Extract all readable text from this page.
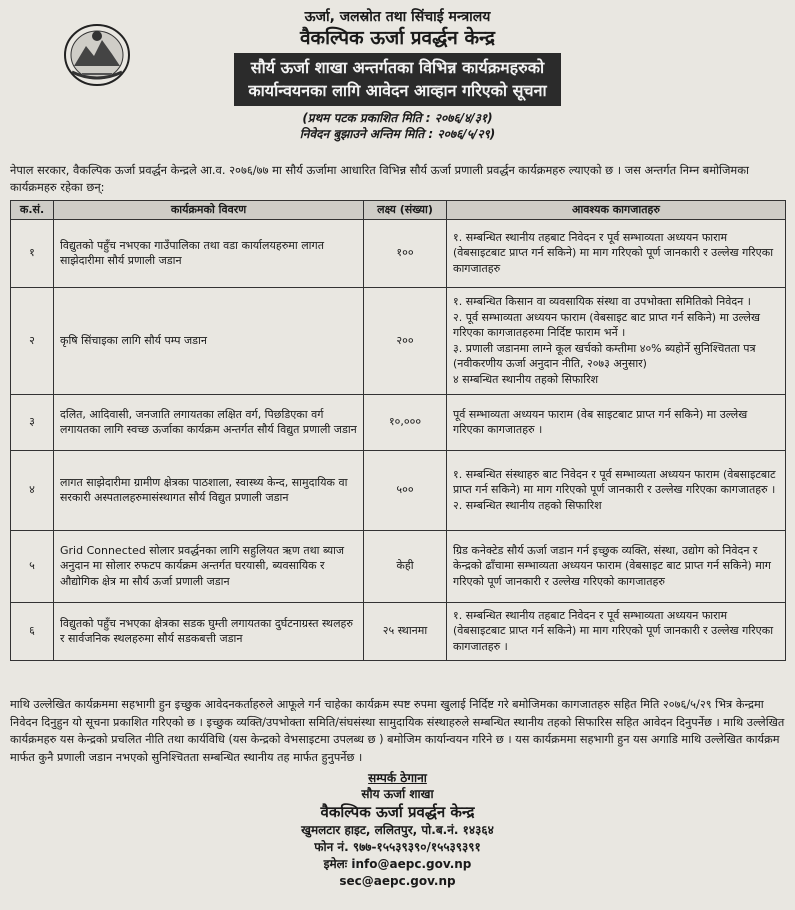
ऊर्जा, जलस्रोत तथा सिंचाई मन्त्रालय
वैकल्पिक ऊर्जा प्रवर्द्धन केन्द्र
सौर्य ऊर्जा शाखा अन्तर्गतका विभिन्न कार्यक्रमहरुको
कार्यान्वयनका लागि आवेदन आव्हान गरिएको सूचना
(प्रथम पटक प्रकाशित मिति : २०७६/४/३१)
निवेदन बुझाउने अन्तिम मिति : २०७६/५/२९)
नेपाल सरकार, वैकल्पिक ऊर्जा प्रवर्द्धन केन्द्रले आ.व. २०७६/७७ मा सौर्य ऊर्जामा आधारित विभिन्न सौर्य ऊर्जा प्रणाली प्रवर्द्धन कार्यक्रमहरु ल्याएको छ । जस अन्तर्गत निम्न बमोजिमका कार्यक्रमहरु रहेका छन्:
क.सं.	कार्यक्रमको विवरण	लक्ष्य (संख्या)	आवश्यक कागजातहरु
१	विद्युतको पहुँच नभएका गाउँपालिका तथा वडा कार्यालयहरुमा लागत साझेदारीमा सौर्य प्रणाली जडान	१००	१. सम्बन्धित स्थानीय तहबाट निवेदन र पूर्व सम्भाव्यता अध्ययन फाराम (वेबसाइटबाट प्राप्त गर्न सकिने) मा माग गरिएको पूर्ण जानकारी र उल्लेख गरिएका कागजातहरु

२	कृषि सिंचाइका लागि सौर्य पम्प जडान	२००	१. सम्बन्धित किसान वा व्यवसायिक संस्था वा उपभोक्ता समितिको निवेदन ।
२. पूर्व सम्भाव्यता अध्ययन फाराम (वेबसाइट बाट प्राप्त गर्न सकिने) मा उल्लेख गरिएका कागजातहरुमा निर्दिष्ट फाराम भर्ने ।
३. प्रणाली जडानमा लाग्ने कूल खर्चको कम्तीमा ४०% ब्यहोर्ने सुनिश्चितता पत्र (नवीकरणीय ऊर्जा अनुदान नीति, २०७३ अनुसार)
४ सम्बन्धित स्थानीय तहको सिफारिश

३	दलित, आदिवासी, जनजाति लगायतका लक्षित वर्ग, पिछडिएका वर्ग लगायतका लागि स्वच्छ ऊर्जाका कार्यक्रम अन्तर्गत सौर्य विद्युत प्रणाली जडान	१०,०००	पूर्व सम्भाव्यता अध्ययन फाराम (वेब साइटबाट प्राप्त गर्न सकिने) मा उल्लेख गरिएका कागजातहरु ।

४	लागत साझेदारीमा ग्रामीण क्षेत्रका पाठशाला, स्वास्थ्य केन्द, सामुदायिक वा सरकारी अस्पतालहरुमासंस्थागत सौर्य विद्युत प्रणाली जडान	५००	१. सम्बन्धित संस्थाहरु बाट निवेदन र पूर्व सम्भाव्यता अध्ययन फाराम (वेबसाइटबाट प्राप्त गर्न सकिने) मा माग गरिएको पूर्ण जानकारी र उल्लेख गरिएका कागजातहरु ।
२. सम्बन्धित स्थानीय तहको सिफारिश

५	Grid Connected सोलार प्रवर्द्धनका लागि सहुलियत ऋण तथा ब्याज अनुदान मा सोलार रुफटप कार्यक्रम अन्तर्गत घरयासी, ब्यवसायिक र औद्योगिक क्षेत्र मा सौर्य ऊर्जा प्रणाली जडान	केही	ग्रिड कनेक्टेड सौर्य ऊर्जा जडान गर्न इच्छुक व्यक्ति, संस्था, उद्योग को निवेदन र केन्द्रको ढाँचामा सम्भाव्यता अध्ययन फाराम (वेबसाइट बाट प्राप्त गर्न सकिने) माग गरिएको पूर्ण जानकारी र उल्लेख गरिएको कागजातहरु

६	विद्युतको पहुँच नभएका क्षेत्रका सडक घुम्ती लगायतका दुर्घटनाग्रस्त स्थलहरु र सार्वजनिक स्थलहरुमा सौर्य सडकबत्ती जडान	२५ स्थानमा	१. सम्बन्धित स्थानीय तहबाट निवेदन र पूर्व सम्भाव्यता अध्ययन फाराम (वेबसाइटबाट प्राप्त गर्न सकिने) मा माग गरिएको पूर्ण जानकारी र उल्लेख गरिएका कागजातहरु ।
माथि उल्लेखित कार्यक्रममा सहभागी हुन इच्छुक आवेदनकर्ताहरुले आफूले गर्न चाहेका कार्यक्रम स्पष्ट रुपमा खुलाई निर्दिष्ट गरे बमोजिमका कागजातहरु सहित मिति २०७६/५/२९ भित्र केन्द्रमा निवेदन दिनुहुन यो सूचना प्रकाशित गरिएको छ । इच्छुक व्यक्ति/उपभोक्ता समिति/संघसंस्था सामुदायिक संस्थाहरुले सम्बन्धित स्थानीय तहको सिफारिस सहित आवेदन दिनुपर्नेछ । माथि उल्लेखित कार्यक्रमहरु यस केन्द्रको प्रचलित नीति तथा कार्यविधि (यस केन्द्रको वेभसाइटमा उपलब्ध छ ) बमोजिम कार्यान्वयन गरिने छ । यस कार्यक्रममा सहभागी हुन यस अगाडि माथि उल्लेखित कार्यक्रम मार्फत कुनै प्रणाली जडान नभएको सुनिश्चितता सम्बन्धित स्थानीय तह मार्फत हुनुपर्नेछ ।
सम्पर्क ठेगाना
सौय ऊर्जा शाखा
वैकल्पिक ऊर्जा प्रवर्द्धन केन्द्र
खुमलटार हाइट, ललितपुर, पो.ब.नं. १४३६४
फोन नं. ९७७-१५५३९३९०/१५५३९३९१
इमेलः info@aepc.gov.np
sec@aepc.gov.np
